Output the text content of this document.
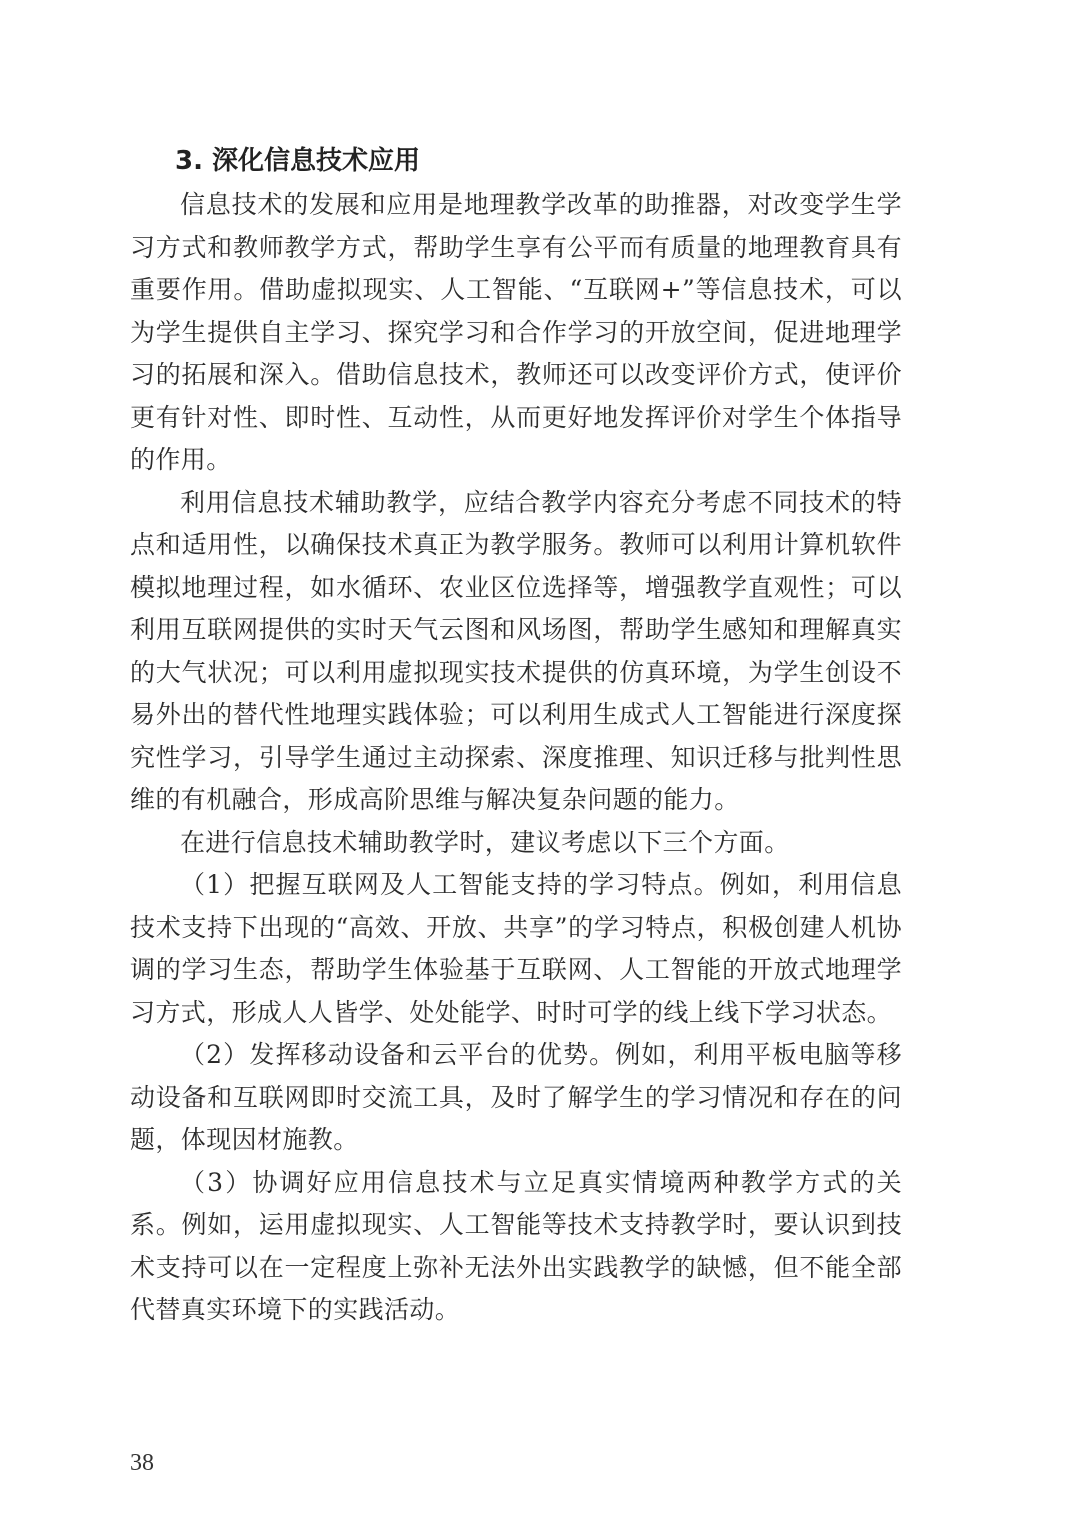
3. 深化信息技术应用

信息技术的发展和应用是地理教学改革的助推器，对改变学生学习方式和教师教学方式，帮助学生享有公平而有质量的地理教育具有重要作用。借助虚拟现实、人工智能、“互联网+”等信息技术，可以为学生提供自主学习、探究学习和合作学习的开放空间，促进地理学习的拓展和深入。借助信息技术，教师还可以改变评价方式，使评价更有针对性、即时性、互动性，从而更好地发挥评价对学生个体指导的作用。

利用信息技术辅助教学，应结合教学内容充分考虑不同技术的特点和适用性，以确保技术真正为教学服务。教师可以利用计算机软件模拟地理过程，如水循环、农业区位选择等，增强教学直观性；可以利用互联网提供的实时天气云图和风场图，帮助学生感知和理解真实的大气状况；可以利用虚拟现实技术提供的仿真环境，为学生创设不易外出的替代性地理实践体验；可以利用生成式人工智能进行深度探究性学习，引导学生通过主动探索、深度推理、知识迁移与批判性思维的有机融合，形成高阶思维与解决复杂问题的能力。

在进行信息技术辅助教学时，建议考虑以下三个方面。

（1）把握互联网及人工智能支持的学习特点。例如，利用信息技术支持下出现的“高效、开放、共享”的学习特点，积极创建人机协调的学习生态，帮助学生体验基于互联网、人工智能的开放式地理学习方式，形成人人皆学、处处能学、时时可学的线上线下学习状态。

（2）发挥移动设备和云平台的优势。例如，利用平板电脑等移动设备和互联网即时交流工具，及时了解学生的学习情况和存在的问题，体现因材施教。

（3）协调好应用信息技术与立足真实情境两种教学方式的关系。例如，运用虚拟现实、人工智能等技术支持教学时，要认识到技术支持可以在一定程度上弥补无法外出实践教学的缺憾，但不能全部代替真实环境下的实践活动。

38
